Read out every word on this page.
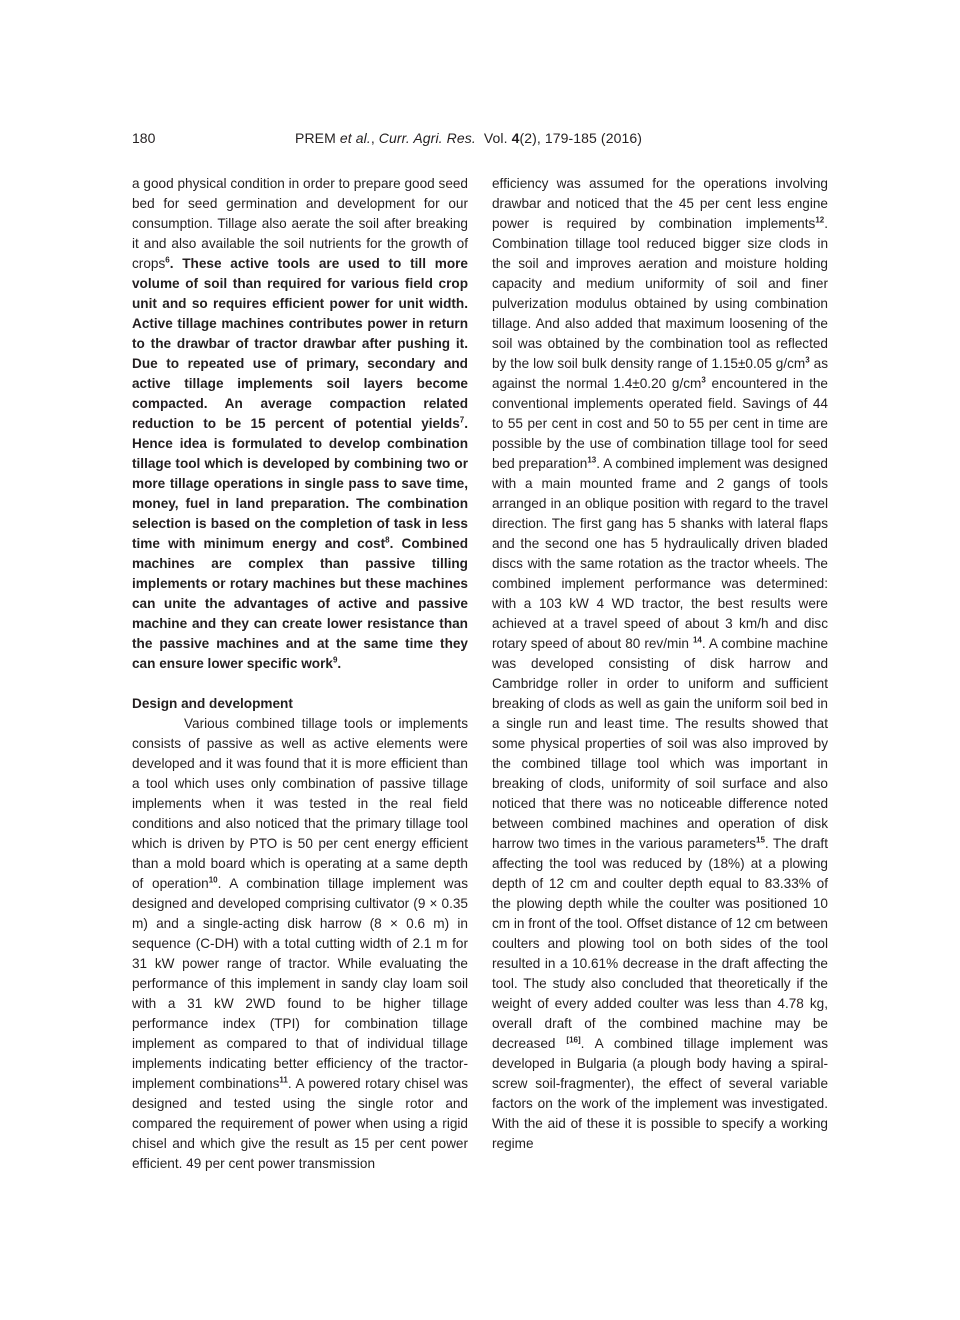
180	PREM et al., Curr. Agri. Res. Vol. 4(2), 179-185 (2016)

a good physical condition in order to prepare good seed bed for seed germination and development for our consumption. Tillage also aerate the soil after breaking it and also available the soil nutrients for the growth of crops$^6$. These active tools are used to till more volume of soil than required for various field crop unit and so requires efficient power for unit width. Active tillage machines contributes power in return to the drawbar of tractor drawbar after pushing it. Due to repeated use of primary, secondary and active tillage implements soil layers become compacted. An average compaction related reduction to be 15 percent of potential yields$^7$. Hence idea is formulated to develop combination tillage tool which is developed by combining two or more tillage operations in single pass to save time, money, fuel in land preparation. The combination selection is based on the completion of task in less time with minimum energy and cost$^8$. Combined machines are complex than passive tilling implements or rotary machines but these machines can unite the advantages of active and passive machine and they can create lower resistance than the passive machines and at the same time they can ensure lower specific work$^9$.

Design and development

Various combined tillage tools or implements consists of passive as well as active elements were developed and it was found that it is more efficient than a tool which uses only combination of passive tillage implements when it was tested in the real field conditions and also noticed that the primary tillage tool which is driven by PTO is 50 per cent energy efficient than a mold board which is operating at a same depth of operation$^{10}$. A combination tillage implement was designed and developed comprising cultivator (9 × 0.35 m) and a single-acting disk harrow (8 × 0.6 m) in sequence (C-DH) with a total cutting width of 2.1 m for 31 kW power range of tractor. While evaluating the performance of this implement in sandy clay loam soil with a 31 kW 2WD found to be higher tillage performance index (TPI) for combination tillage implement as compared to that of individual tillage implements indicating better efficiency of the tractor-implement combinations$^{11}$. A powered rotary chisel was designed and tested using the single rotor and compared the requirement of power when using a rigid chisel and which give the result as 15 per cent power efficient. 49 per cent power transmission

efficiency was assumed for the operations involving drawbar and noticed that the 45 per cent less engine power is required by combination implements$^{12}$. Combination tillage tool reduced bigger size clods in the soil and improves aeration and moisture holding capacity and medium uniformity of soil and finer pulverization modulus obtained by using combination tillage. And also added that maximum loosening of the soil was obtained by the combination tool as reflected by the low soil bulk density range of 1.15±0.05 $g/cm^3$ as against the normal 1.4±0.20 $g/cm^3$ encountered in the conventional implements operated field. Savings of 44 to 55 per cent in cost and 50 to 55 per cent in time are possible by the use of combination tillage tool for seed bed preparation$^{13}$. A combined implement was designed with a main mounted frame and 2 gangs of tools arranged in an oblique position with regard to the travel direction. The first gang has 5 shanks with lateral flaps and the second one has 5 hydraulically driven bladed discs with the same rotation as the tractor wheels. The combined implement performance was determined: with a 103 kW 4 WD tractor, the best results were achieved at a travel speed of about 3 km/h and disc rotary speed of about 80 rev/min $^{14}$. A combine machine was developed consisting of disk harrow and Cambridge roller in order to uniform and sufficient breaking of clods as well as gain the uniform soil bed in a single run and least time. The results showed that some physical properties of soil was also improved by the combined tillage tool which was important in breaking of clods, uniformity of soil surface and also noticed that there was no noticeable difference noted between combined machines and operation of disk harrow two times in the various parameters$^{15}$. The draft affecting the tool was reduced by (18%) at a plowing depth of 12 cm and coulter depth equal to 83.33% of the plowing depth while the coulter was positioned 10 cm in front of the tool. Offset distance of 12 cm between coulters and plowing tool on both sides of the tool resulted in a 10.61% decrease in the draft affecting the tool. The study also concluded that theoretically if the weight of every added coulter was less than 4.78 kg, overall draft of the combined machine may be decreased [16]. A combined tillage implement was developed in Bulgaria (a plough body having a spiral-screw soil-fragmenter), the effect of several variable factors on the work of the implement was investigated. With the aid of these it is possible to specify a working regime
